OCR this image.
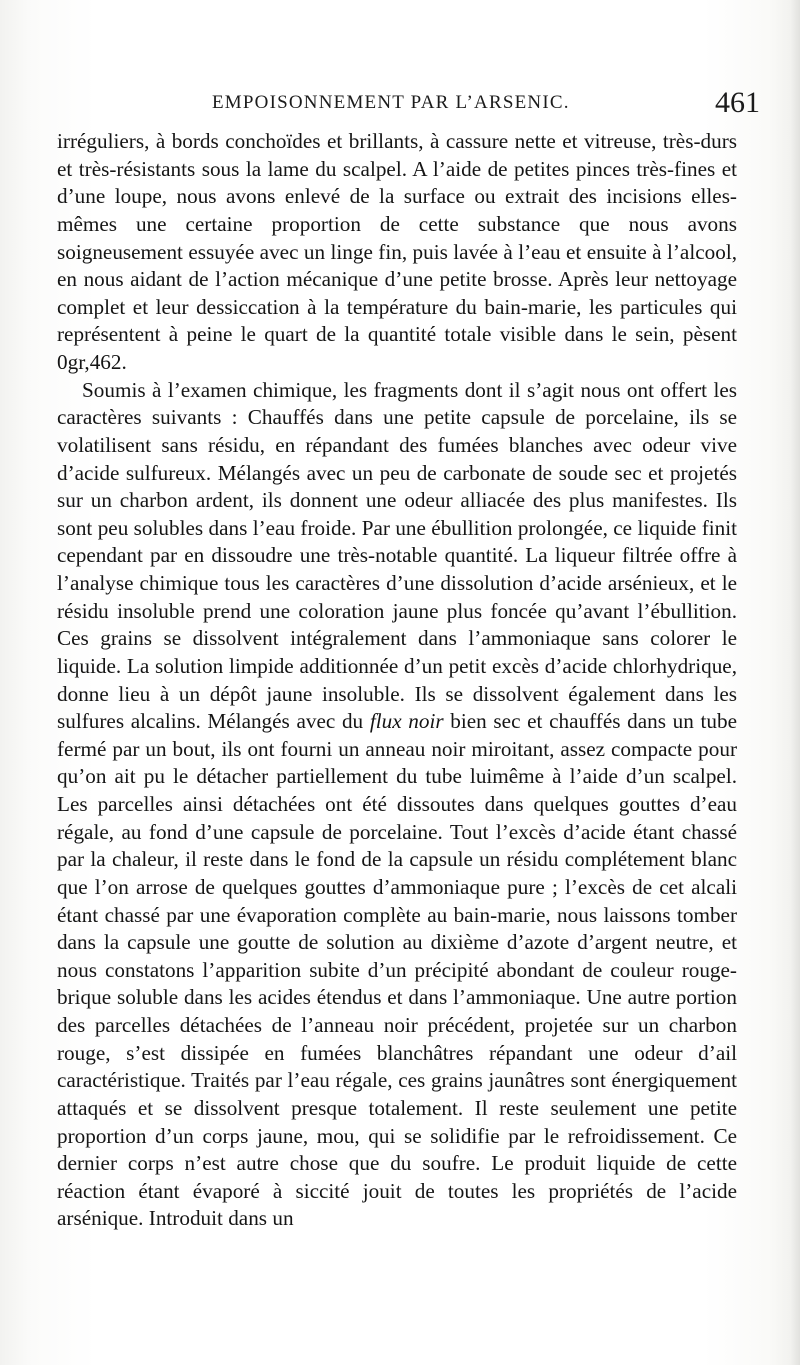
EMPOISONNEMENT PAR L’ARSENIC.	461

irréguliers, à bords conchoïdes et brillants, à cassure nette et vitreuse, très-durs et très-résistants sous la lame du scalpel. A l’aide de petites pinces très-fines et d’une loupe, nous avons enlevé de la surface ou extrait des incisions elles-mêmes une certaine proportion de cette substance que nous avons soigneusement essuyée avec un linge fin, puis lavée à l’eau et ensuite à l’alcool, en nous aidant de l’action mécanique d’une petite brosse. Après leur nettoyage complet et leur dessiccation à la température du bain-marie, les particules qui représentent à peine le quart de la quantité totale visible dans le sein, pèsent 0gr,462.

Soumis à l’examen chimique, les fragments dont il s’agit nous ont offert les caractères suivants : Chauffés dans une petite capsule de porcelaine, ils se volatilisent sans résidu, en répandant des fumées blanches avec odeur vive d’acide sulfureux. Mélangés avec un peu de carbonate de soude sec et projetés sur un charbon ardent, ils donnent une odeur alliacée des plus manifestes. Ils sont peu solubles dans l’eau froide. Par une ébullition prolongée, ce liquide finit cependant par en dissoudre une très-notable quantité. La liqueur filtrée offre à l’analyse chimique tous les caractères d’une dissolution d’acide arsénieux, et le résidu insoluble prend une coloration jaune plus foncée qu’avant l’ébullition. Ces grains se dissolvent intégralement dans l’ammoniaque sans colorer le liquide. La solution limpide additionnée d’un petit excès d’acide chlorhydrique, donne lieu à un dépôt jaune insoluble. Ils se dissolvent également dans les sulfures alcalins. Mélangés avec du flux noir bien sec et chauffés dans un tube fermé par un bout, ils ont fourni un anneau noir miroitant, assez compacte pour qu’on ait pu le détacher partiellement du tube luimême à l’aide d’un scalpel. Les parcelles ainsi détachées ont été dissoutes dans quelques gouttes d’eau régale, au fond d’une capsule de porcelaine. Tout l’excès d’acide étant chassé par la chaleur, il reste dans le fond de la capsule un résidu complétement blanc que l’on arrose de quelques gouttes d’ammoniaque pure ; l’excès de cet alcali étant chassé par une évaporation complète au bain-marie, nous laissons tomber dans la capsule une goutte de solution au dixième d’azote d’argent neutre, et nous constatons l’apparition subite d’un précipité abondant de couleur rouge-brique soluble dans les acides étendus et dans l’ammoniaque. Une autre portion des parcelles détachées de l’anneau noir précédent, projetée sur un charbon rouge, s’est dissipée en fumées blanchâtres répandant une odeur d’ail caractéristique. Traités par l’eau régale, ces grains jaunâtres sont énergiquement attaqués et se dissolvent presque totalement. Il reste seulement une petite proportion d’un corps jaune, mou, qui se solidifie par le refroidissement. Ce dernier corps n’est autre chose que du soufre. Le produit liquide de cette réaction étant évaporé à siccité jouit de toutes les propriétés de l’acide arsénique. Introduit dans un
